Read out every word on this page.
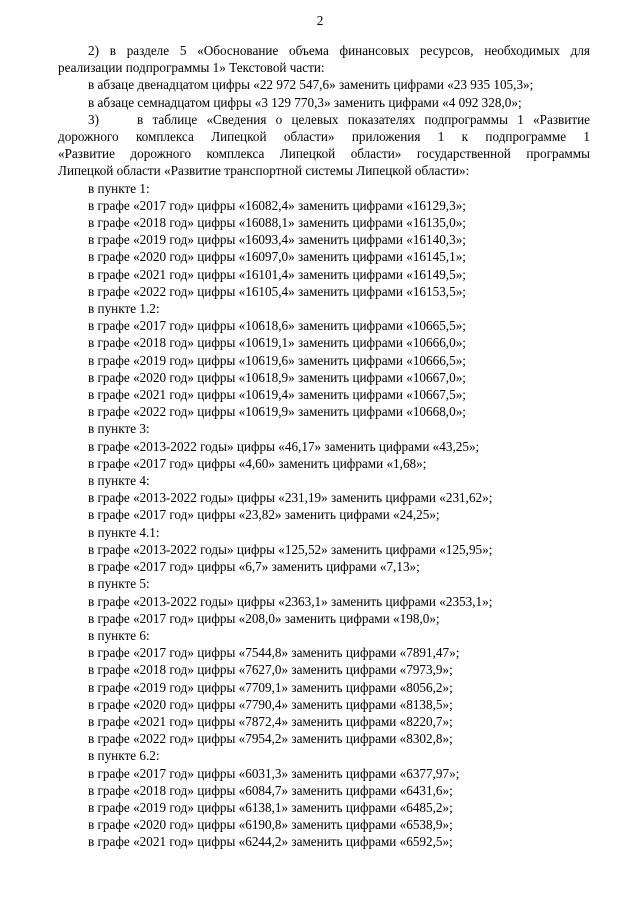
2

2) в разделе 5 «Обоснование объема финансовых ресурсов, необходимых для

реализации подпрограммы 1» Текстовой части:

в абзаце двенадцатом цифры «22 972 547,6» заменить цифрами «23 935 105,3»;

в абзаце семнадцатом цифры «3 129 770,3» заменить цифрами «4 092 328,0»;

3)	в таблице «Сведения о целевых показателях подпрограммы 1 «Развитие

дорожного комплекса Липецкой области» приложения 1 к подпрограмме 1

«Развитие дорожного комплекса Липецкой области» государственной программы

Липецкой области «Развитие транспортной системы Липецкой области»:

в пункте 1:
в графе «2017 год» цифры «16082,4» заменить цифрами «16129,3»;
в графе «2018 год» цифры «16088,1» заменить цифрами «16135,0»;
в графе «2019 год» цифры «16093,4» заменить цифрами «16140,3»;
в графе «2020 год» цифры «16097,0» заменить цифрами «16145,1»;
в графе «2021 год» цифры «16101,4» заменить цифрами «16149,5»;
в графе «2022 год» цифры «16105,4» заменить цифрами «16153,5»;
в пункте 1.2:
в графе «2017 год» цифры «10618,6» заменить цифрами «10665,5»;
в графе «2018 год» цифры «10619,1» заменить цифрами «10666,0»;
в графе «2019 год» цифры «10619,6» заменить цифрами «10666,5»;
в графе «2020 год» цифры «10618,9» заменить цифрами «10667,0»;
в графе «2021 год» цифры «10619,4» заменить цифрами «10667,5»;
в графе «2022 год» цифры «10619,9» заменить цифрами «10668,0»;
в пункте 3:
в графе «2013-2022 годы» цифры «46,17» заменить цифрами «43,25»;
в графе «2017 год» цифры «4,60» заменить цифрами «1,68»;
в пункте 4:
в графе «2013-2022 годы» цифры «231,19» заменить цифрами «231,62»;
в графе «2017 год» цифры «23,82» заменить цифрами «24,25»;
в пункте 4.1:
в графе «2013-2022 годы» цифры «125,52» заменить цифрами «125,95»;
в графе «2017 год» цифры «6,7» заменить цифрами «7,13»;
в пункте 5:
в графе «2013-2022 годы» цифры «2363,1» заменить цифрами «2353,1»;
в графе «2017 год» цифры «208,0» заменить цифрами «198,0»;
в пункте 6:
в графе «2017 год» цифры «7544,8» заменить цифрами «7891,47»;
в графе «2018 год» цифры «7627,0» заменить цифрами «7973,9»;
в графе «2019 год» цифры «7709,1» заменить цифрами «8056,2»;
в графе «2020 год» цифры «7790,4» заменить цифрами «8138,5»;
в графе «2021 год» цифры «7872,4» заменить цифрами «8220,7»;
в графе «2022 год» цифры «7954,2» заменить цифрами «8302,8»;
в пункте 6.2:
в графе «2017 год» цифры «6031,3» заменить цифрами «6377,97»;
в графе «2018 год» цифры «6084,7» заменить цифрами «6431,6»;
в графе «2019 год» цифры «6138,1» заменить цифрами «6485,2»;
в графе «2020 год» цифры «6190,8» заменить цифрами «6538,9»;
в графе «2021 год» цифры «6244,2» заменить цифрами «6592,5»;
